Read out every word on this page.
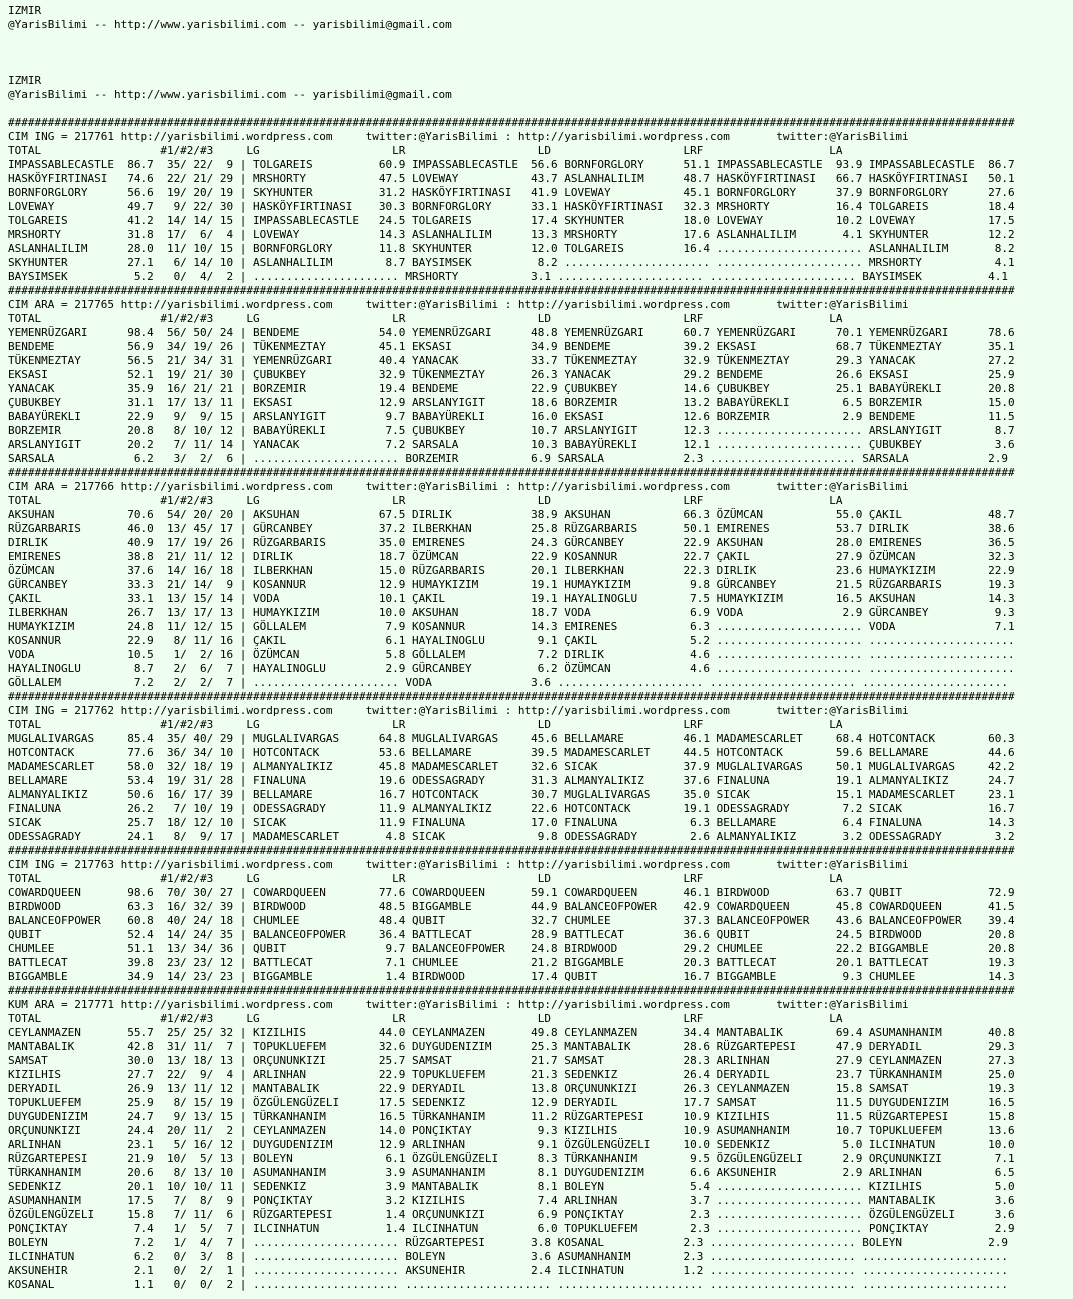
IZMIR
@YarisBilimi -- http://www.yarisbilimi.com -- yarisbilimi@gmail.com

IZMIR
@YarisBilimi -- http://www.yarisbilimi.com -- yarisbilimi@gmail.com

########################################################################################################################################################
CIM ING = 217761 http://yarisbilimi.wordpress.com     twitter:@YarisBilimi : http://yarisbilimi.wordpress.com       twitter:@YarisBilimi
TOTAL                  #1/#2/#3     LG                    LR                    LD                    LRF                   LA
IMPASSABLECASTLE  86.7  35/ 22/  9 | TOLGAREIS          60.9 IMPASSABLECASTLE  56.6 BORNFORGLORY      51.1 IMPASSABLECASTLE  93.9 IMPASSABLECASTLE  86.7
HASKÖYFIRTINASI   74.6  22/ 21/ 29 | MRSHORTY           47.5 LOVEWAY           43.7 ASLANHALILIM      48.7 HASKÖYFIRTINASI   66.7 HASKÖYFIRTINASI   50.1
BORNFORGLORY      56.6  19/ 20/ 19 | SKYHUNTER          31.2 HASKÖYFIRTINASI   41.9 LOVEWAY           45.1 BORNFORGLORY      37.9 BORNFORGLORY      27.6
LOVEWAY           49.7   9/ 22/ 30 | HASKÖYFIRTINASI    30.3 BORNFORGLORY      33.1 HASKÖYFIRTINASI   32.3 MRSHORTY          16.4 TOLGAREIS         18.4
TOLGAREIS         41.2  14/ 14/ 15 | IMPASSABLECASTLE   24.5 TOLGAREIS         17.4 SKYHUNTER         18.0 LOVEWAY           10.2 LOVEWAY           17.5
MRSHORTY          31.8  17/  6/  4 | LOVEWAY            14.3 ASLANHALILIM      13.3 MRSHORTY          17.6 ASLANHALILIM       4.1 SKYHUNTER         12.2
ASLANHALILIM      28.0  11/ 10/ 15 | BORNFORGLORY       11.8 SKYHUNTER         12.0 TOLGAREIS         16.4 ...................... ASLANHALILIM       8.2
SKYHUNTER         27.1   6/ 14/ 10 | ASLANHALILIM        8.7 BAYSIMSEK          8.2 ...................... ...................... MRSHORTY           4.1
BAYSIMSEK          5.2   0/  4/  2 | ...................... MRSHORTY           3.1 ...................... ...................... BAYSIMSEK          4.1
########################################################################################################################################################
CIM ARA = 217765 http://yarisbilimi.wordpress.com     twitter:@YarisBilimi : http://yarisbilimi.wordpress.com       twitter:@YarisBilimi
TOTAL                  #1/#2/#3     LG                    LR                    LD                    LRF                   LA
YEMENRÜZGARI      98.4  56/ 50/ 24 | BENDEME            54.0 YEMENRÜZGARI      48.8 YEMENRÜZGARI      60.7 YEMENRÜZGARI      70.1 YEMENRÜZGARI      78.6
BENDEME           56.9  34/ 19/ 26 | TÜKENMEZTAY        45.1 EKSASI            34.9 BENDEME           39.2 EKSASI            68.7 TÜKENMEZTAY       35.1
TÜKENMEZTAY       56.5  21/ 34/ 31 | YEMENRÜZGARI       40.4 YANACAK           33.7 TÜKENMEZTAY       32.9 TÜKENMEZTAY       29.3 YANACAK           27.2
EKSASI            52.1  19/ 21/ 30 | ÇUBUKBEY           32.9 TÜKENMEZTAY       26.3 YANACAK           29.2 BENDEME           26.6 EKSASI            25.9
YANACAK           35.9  16/ 21/ 21 | BORZEMIR           19.4 BENDEME           22.9 ÇUBUKBEY          14.6 ÇUBUKBEY          25.1 BABAYÜREKLI       20.8
ÇUBUKBEY          31.1  17/ 13/ 11 | EKSASI             12.9 ARSLANYIGIT       18.6 BORZEMIR          13.2 BABAYÜREKLI        6.5 BORZEMIR          15.0
BABAYÜREKLI       22.9   9/  9/ 15 | ARSLANYIGIT         9.7 BABAYÜREKLI       16.0 EKSASI            12.6 BORZEMIR           2.9 BENDEME           11.5
BORZEMIR          20.8   8/ 10/ 12 | BABAYÜREKLI         7.5 ÇUBUKBEY          10.7 ARSLANYIGIT       12.3 ...................... ARSLANYIGIT        8.7
ARSLANYIGIT       20.2   7/ 11/ 14 | YANACAK             7.2 SARSALA           10.3 BABAYÜREKLI       12.1 ...................... ÇUBUKBEY           3.6
SARSALA            6.2   3/  2/  6 | ...................... BORZEMIR           6.9 SARSALA            2.3 ...................... SARSALA            2.9
########################################################################################################################################################
CIM ARA = 217766 http://yarisbilimi.wordpress.com     twitter:@YarisBilimi : http://yarisbilimi.wordpress.com       twitter:@YarisBilimi
TOTAL                  #1/#2/#3     LG                    LR                    LD                    LRF                   LA
AKSUHAN           70.6  54/ 20/ 20 | AKSUHAN            67.5 DIRLIK            38.9 AKSUHAN           66.3 ÖZÜMCAN           55.0 ÇAKIL             48.7
RÜZGARBARIS       46.0  13/ 45/ 17 | GÜRCANBEY          37.2 ILBERKHAN         25.8 RÜZGARBARIS       50.1 EMIRENES          53.7 DIRLIK            38.6
DIRLIK            40.9  17/ 19/ 26 | RÜZGARBARIS        35.0 EMIRENES          24.3 GÜRCANBEY         22.9 AKSUHAN           28.0 EMIRENES          36.5
EMIRENES          38.8  21/ 11/ 12 | DIRLIK             18.7 ÖZÜMCAN           22.9 KOSANNUR          22.7 ÇAKIL             27.9 ÖZÜMCAN           32.3
ÖZÜMCAN           37.6  14/ 16/ 18 | ILBERKHAN          15.0 RÜZGARBARIS       20.1 ILBERKHAN         22.3 DIRLIK            23.6 HUMAYKIZIM        22.9
GÜRCANBEY         33.3  21/ 14/  9 | KOSANNUR           12.9 HUMAYKIZIM        19.1 HUMAYKIZIM         9.8 GÜRCANBEY         21.5 RÜZGARBARIS       19.3
ÇAKIL             33.1  13/ 15/ 14 | VODA               10.1 ÇAKIL             19.1 HAYALINOGLU        7.5 HUMAYKIZIM        16.5 AKSUHAN           14.3
ILBERKHAN         26.7  13/ 17/ 13 | HUMAYKIZIM         10.0 AKSUHAN           18.7 VODA               6.9 VODA               2.9 GÜRCANBEY          9.3
HUMAYKIZIM        24.8  11/ 12/ 15 | GÖLLALEM            7.9 KOSANNUR          14.3 EMIRENES           6.3 ...................... VODA               7.1
KOSANNUR          22.9   8/ 11/ 16 | ÇAKIL               6.1 HAYALINOGLU        9.1 ÇAKIL              5.2 ...................... ......................
VODA              10.5   1/  2/ 16 | ÖZÜMCAN             5.8 GÖLLALEM           7.2 DIRLIK             4.6 ...................... ......................
HAYALINOGLU        8.7   2/  6/  7 | HAYALINOGLU         2.9 GÜRCANBEY          6.2 ÖZÜMCAN            4.6 ...................... ......................
GÖLLALEM           7.2   2/  2/  7 | ...................... VODA               3.6 ...................... ...................... ......................
########################################################################################################################################################
CIM ING = 217762 http://yarisbilimi.wordpress.com     twitter:@YarisBilimi : http://yarisbilimi.wordpress.com       twitter:@YarisBilimi
TOTAL                  #1/#2/#3     LG                    LR                    LD                    LRF                   LA
MUGLALIVARGAS     85.4  35/ 40/ 29 | MUGLALIVARGAS      64.8 MUGLALIVARGAS     45.6 BELLAMARE         46.1 MADAMESCARLET     68.4 HOTCONTACK        60.3
HOTCONTACK        77.6  36/ 34/ 10 | HOTCONTACK         53.6 BELLAMARE         39.5 MADAMESCARLET     44.5 HOTCONTACK        59.6 BELLAMARE         44.6
MADAMESCARLET     58.0  32/ 18/ 19 | ALMANYALIKIZ       45.8 MADAMESCARLET     32.6 SICAK             37.9 MUGLALIVARGAS     50.1 MUGLALIVARGAS     42.2
BELLAMARE         53.4  19/ 31/ 28 | FINALUNA           19.6 ODESSAGRADY       31.3 ALMANYALIKIZ      37.6 FINALUNA          19.1 ALMANYALIKIZ      24.7
ALMANYALIKIZ      50.6  16/ 17/ 39 | BELLAMARE          16.7 HOTCONTACK        30.7 MUGLALIVARGAS     35.0 SICAK             15.1 MADAMESCARLET     23.1
FINALUNA          26.2   7/ 10/ 19 | ODESSAGRADY        11.9 ALMANYALIKIZ      22.6 HOTCONTACK        19.1 ODESSAGRADY        7.2 SICAK             16.7
SICAK             25.7  18/ 12/ 10 | SICAK              11.9 FINALUNA          17.0 FINALUNA           6.3 BELLAMARE          6.4 FINALUNA          14.3
ODESSAGRADY       24.1   8/  9/ 17 | MADAMESCARLET       4.8 SICAK              9.8 ODESSAGRADY        2.6 ALMANYALIKIZ       3.2 ODESSAGRADY        3.2
########################################################################################################################################################
CIM ING = 217763 http://yarisbilimi.wordpress.com     twitter:@YarisBilimi : http://yarisbilimi.wordpress.com       twitter:@YarisBilimi
TOTAL                  #1/#2/#3     LG                    LR                    LD                    LRF                   LA
COWARDQUEEN       98.6  70/ 30/ 27 | COWARDQUEEN        77.6 COWARDQUEEN       59.1 COWARDQUEEN       46.1 BIRDWOOD          63.7 QUBIT             72.9
BIRDWOOD          63.3  16/ 32/ 39 | BIRDWOOD           48.5 BIGGAMBLE         44.9 BALANCEOFPOWER    42.9 COWARDQUEEN       45.8 COWARDQUEEN       41.5
BALANCEOFPOWER    60.8  40/ 24/ 18 | CHUMLEE            48.4 QUBIT             32.7 CHUMLEE           37.3 BALANCEOFPOWER    43.6 BALANCEOFPOWER    39.4
QUBIT             52.4  14/ 24/ 35 | BALANCEOFPOWER     36.4 BATTLECAT         28.9 BATTLECAT         36.6 QUBIT             24.5 BIRDWOOD          20.8
CHUMLEE           51.1  13/ 34/ 36 | QUBIT               9.7 BALANCEOFPOWER    24.8 BIRDWOOD          29.2 CHUMLEE           22.2 BIGGAMBLE         20.8
BATTLECAT         39.8  23/ 23/ 12 | BATTLECAT           7.1 CHUMLEE           21.2 BIGGAMBLE         20.3 BATTLECAT         20.1 BATTLECAT         19.3
BIGGAMBLE         34.9  14/ 23/ 23 | BIGGAMBLE           1.4 BIRDWOOD          17.4 QUBIT             16.7 BIGGAMBLE          9.3 CHUMLEE           14.3
########################################################################################################################################################
KUM ARA = 217771 http://yarisbilimi.wordpress.com     twitter:@YarisBilimi : http://yarisbilimi.wordpress.com       twitter:@YarisBilimi
TOTAL                  #1/#2/#3     LG                    LR                    LD                    LRF                   LA
CEYLANMAZEN       55.7  25/ 25/ 32 | KIZILHIS           44.0 CEYLANMAZEN       49.8 CEYLANMAZEN       34.4 MANTABALIK        69.4 ASUMANHANIM       40.8
MANTABALIK        42.8  31/ 11/  7 | TOPUKLUEFEM        32.6 DUYGUDENIZIM      25.3 MANTABALIK        28.6 RÜZGARTEPESI      47.9 DERYADIL          29.3
SAMSAT            30.0  13/ 18/ 13 | ORÇUNUNKIZI        25.7 SAMSAT            21.7 SAMSAT            28.3 ARLINHAN          27.9 CEYLANMAZEN       27.3
KIZILHIS          27.7  22/  9/  4 | ARLINHAN           22.9 TOPUKLUEFEM       21.3 SEDENKIZ          26.4 DERYADIL          23.7 TÜRKANHANIM       25.0
DERYADIL          26.9  13/ 11/ 12 | MANTABALIK         22.9 DERYADIL          13.8 ORÇUNUNKIZI       26.3 CEYLANMAZEN       15.8 SAMSAT            19.3
TOPUKLUEFEM       25.9   8/ 15/ 19 | ÖZGÜLENGÜZELI      17.5 SEDENKIZ          12.9 DERYADIL          17.7 SAMSAT            11.5 DUYGUDENIZIM      16.5
DUYGUDENIZIM      24.7   9/ 13/ 15 | TÜRKANHANIM        16.5 TÜRKANHANIM       11.2 RÜZGARTEPESI      10.9 KIZILHIS          11.5 RÜZGARTEPESI      15.8
ORÇUNUNKIZI       24.4  20/ 11/  2 | CEYLANMAZEN        14.0 PONÇIKTAY          9.3 KIZILHIS          10.9 ASUMANHANIM       10.7 TOPUKLUEFEM       13.6
ARLINHAN          23.1   5/ 16/ 12 | DUYGUDENIZIM       12.9 ARLINHAN           9.1 ÖZGÜLENGÜZELI     10.0 SEDENKIZ           5.0 ILCINHATUN        10.0
RÜZGARTEPESI      21.9  10/  5/ 13 | BOLEYN              6.1 ÖZGÜLENGÜZELI      8.3 TÜRKANHANIM        9.5 ÖZGÜLENGÜZELI      2.9 ORÇUNUNKIZI        7.1
TÜRKANHANIM       20.6   8/ 13/ 10 | ASUMANHANIM         3.9 ASUMANHANIM        8.1 DUYGUDENIZIM       6.6 AKSUNEHIR          2.9 ARLINHAN           6.5
SEDENKIZ          20.1  10/ 10/ 11 | SEDENKIZ            3.9 MANTABALIK         8.1 BOLEYN             5.4 ...................... KIZILHIS           5.0
ASUMANHANIM       17.5   7/  8/  9 | PONÇIKTAY           3.2 KIZILHIS           7.4 ARLINHAN           3.7 ...................... MANTABALIK         3.6
ÖZGÜLENGÜZELI     15.8   7/ 11/  6 | RÜZGARTEPESI        1.4 ORÇUNUNKIZI        6.9 PONÇIKTAY          2.3 ...................... ÖZGÜLENGÜZELI      3.6
PONÇIKTAY          7.4   1/  5/  7 | ILCINHATUN          1.4 ILCINHATUN         6.0 TOPUKLUEFEM        2.3 ...................... PONÇIKTAY          2.9
BOLEYN             7.2   1/  4/  7 | ...................... RÜZGARTEPESI       3.8 KOSANAL            2.3 ...................... BOLEYN             2.9
ILCINHATUN         6.2   0/  3/  8 | ...................... BOLEYN             3.6 ASUMANHANIM        2.3 ...................... ......................
AKSUNEHIR          2.1   0/  2/  1 | ...................... AKSUNEHIR          2.4 ILCINHATUN         1.2 ...................... ......................
KOSANAL            1.1   0/  0/  2 | ...................... ...................... ...................... ...................... ......................
